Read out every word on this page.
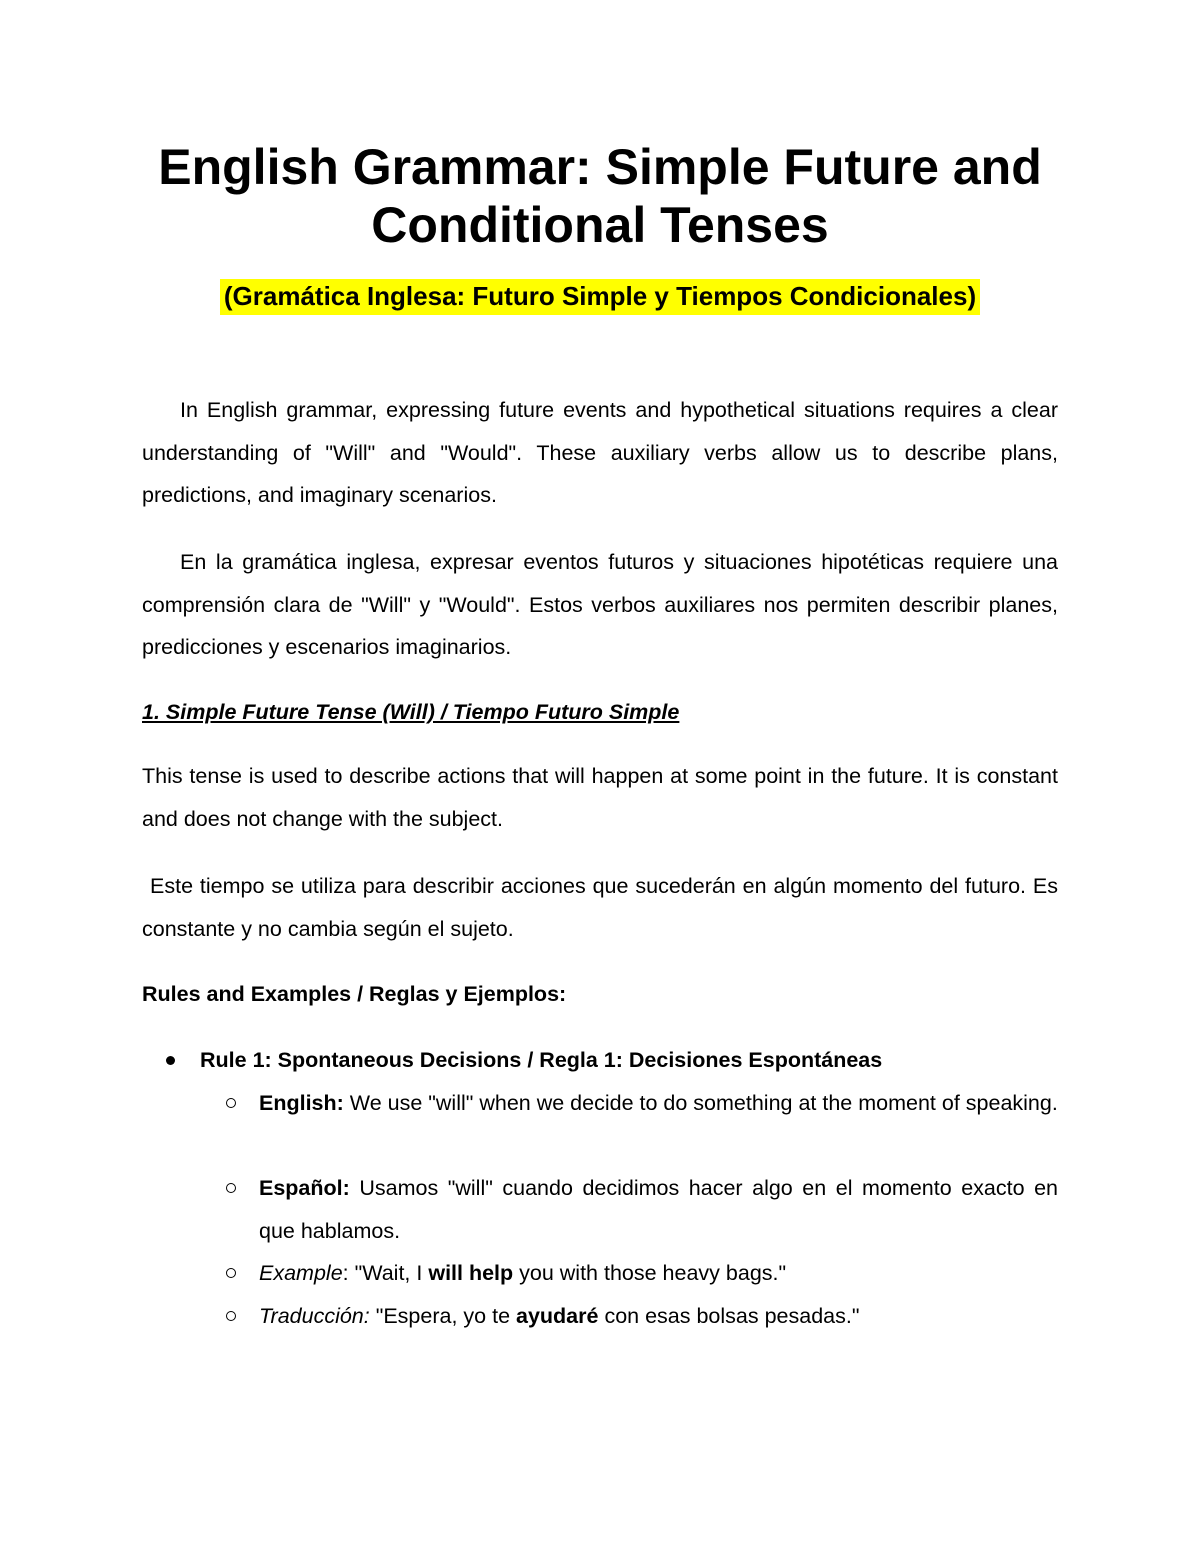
English Grammar: Simple Future and
Conditional Tenses
(Gramática Inglesa: Futuro Simple y Tiempos Condicionales)

In English grammar, expressing future events and hypothetical situations requires a clear understanding of "Will" and "Would". These auxiliary verbs allow us to describe plans, predictions, and imaginary scenarios.

En la gramática inglesa, expresar eventos futuros y situaciones hipotéticas requiere una comprensión clara de "Will" y "Would". Estos verbos auxiliares nos permiten describir planes, predicciones y escenarios imaginarios.

1. Simple Future Tense (Will) / Tiempo Futuro Simple

This tense is used to describe actions that will happen at some point in the future. It is constant and does not change with the subject.

Este tiempo se utiliza para describir acciones que sucederán en algún momento del futuro. Es constante y no cambia según el sujeto.

Rules and Examples / Reglas y Ejemplos:
Rule 1: Spontaneous Decisions / Regla 1: Decisiones Espontáneas
English: We use "will" when we decide to do something at the moment of speaking.
Español: Usamos "will" cuando decidimos hacer algo en el momento exacto en que hablamos.
Example: "Wait, I will help you with those heavy bags."
Traducción: "Espera, yo te ayudaré con esas bolsas pesadas."
